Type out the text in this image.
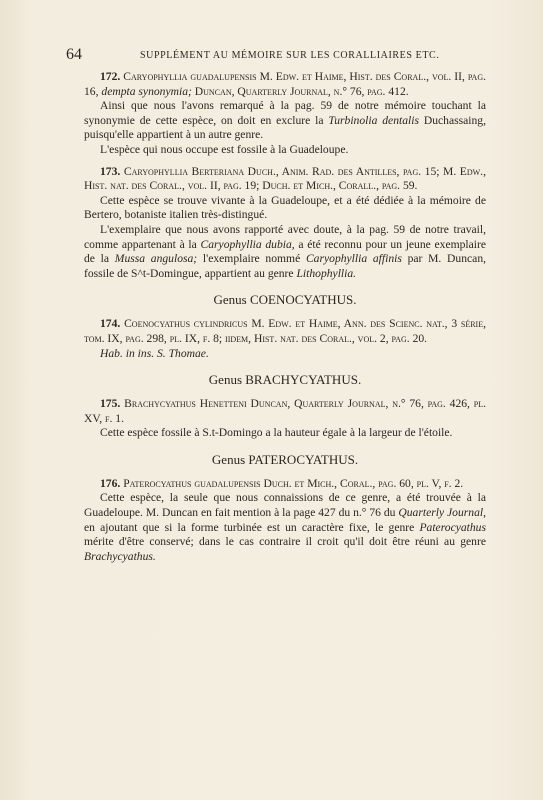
64	SUPPLÉMENT AU MÉMOIRE SUR LES CORALLIAIRES ETC.

172. Caryophyllia guadalupensis M. Edw. et Haime, Hist. des Coral., vol. II, pag. 16, dempta synonymia; Duncan, Quarterly Journal, n.° 76, pag. 412.

Ainsi que nous l'avons remarqué à la pag. 59 de notre mémoire touchant la synonymie de cette espèce, on doit en exclure la Turbinolia dentalis Duchassaing, puisqu'elle appartient à un autre genre.

L'espèce qui nous occupe est fossile à la Guadeloupe.

173. Caryophyllia Berteriana Duch., Anim. Rad. des Antilles, pag. 15; M. Edw., Hist. nat. des Coral., vol. II, pag. 19; Duch. et Mich., Corall., pag. 59.

Cette espèce se trouve vivante à la Guadeloupe, et a été dédiée à la mémoire de Bertero, botaniste italien très-distingué.

L'exemplaire que nous avons rapporté avec doute, à la pag. 59 de notre travail, comme appartenant à la Caryophyllia dubia, a été reconnu pour un jeune exemplaire de la Mussa angulosa; l'exemplaire nommé Caryophyllia affinis par M. Duncan, fossile de S^t-Domingue, appartient au genre Lithophyllia.

Genus COENOCYATHUS.

174. Coenocyathus cylindricus M. Edw. et Haime, Ann. des Scienc. nat., 3 série, tom. IX, pag. 298, pl. IX, f. 8; iidem, Hist. nat. des Coral., vol. 2, pag. 20.

Hab. in ins. S. Thomae.

Genus BRACHYCYATHUS.

175. Brachycyathus Henetteni Duncan, Quarterly Journal, n.° 76, pag. 426, pl. XV, f. 1.

Cette espèce fossile à S.t-Domingo a la hauteur égale à la largeur de l'étoile.

Genus PATEROCYATHUS.

176. Paterocyathus guadalupensis Duch. et Mich., Coral., pag. 60, pl. V, f. 2.

Cette espèce, la seule que nous connaissions de ce genre, a été trouvée à la Guadeloupe. M. Duncan en fait mention à la page 427 du n.° 76 du Quarterly Journal, en ajoutant que si la forme turbinée est un caractère fixe, le genre Paterocyathus mérite d'être conservé; dans le cas contraire il croit qu'il doit être réuni au genre Brachycyathus.
